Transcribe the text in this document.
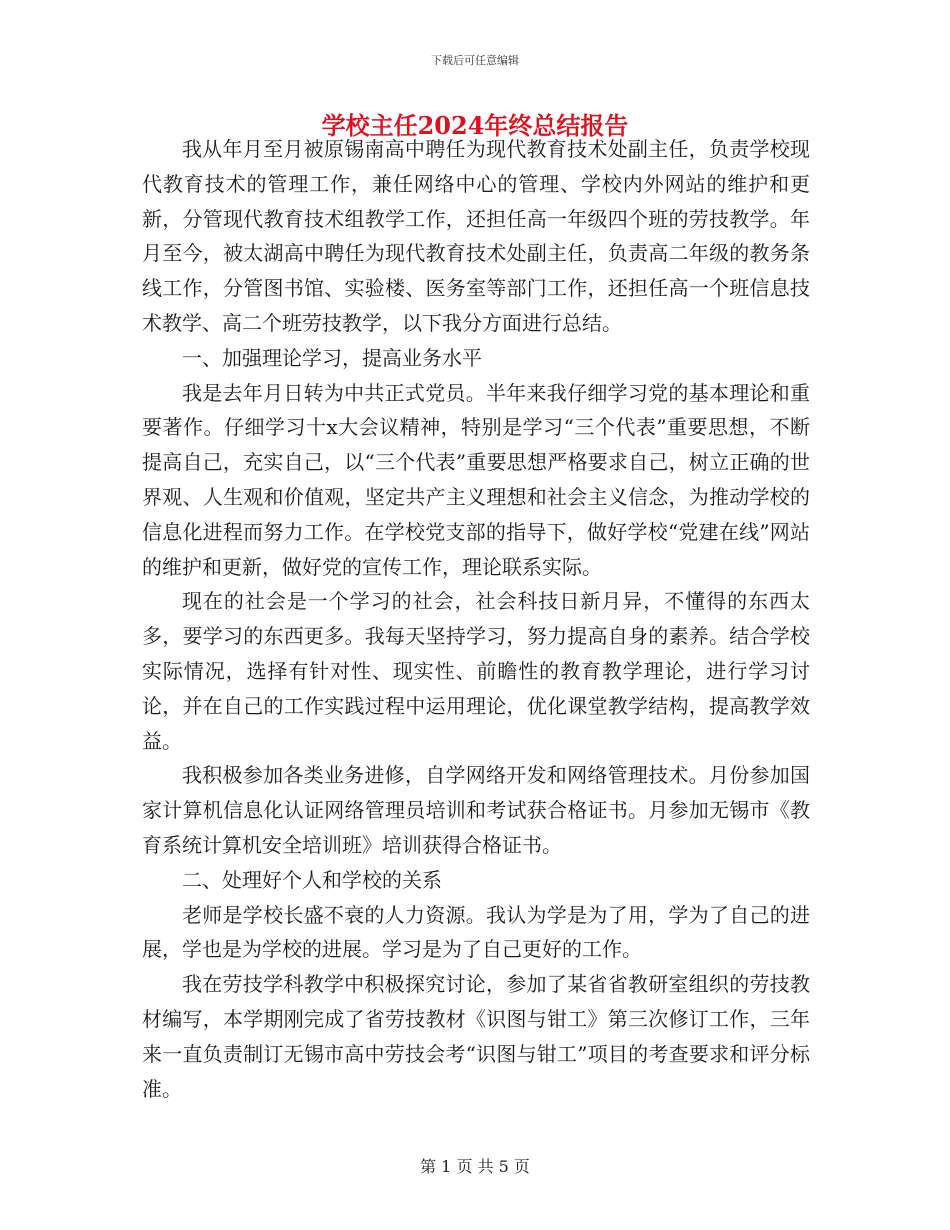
下载后可任意编辑
学校主任2024年终总结报告

我从年月至月被原锡南高中聘任为现代教育技术处副主任，负责学校现代教育技术的管理工作，兼任网络中心的管理、学校内外网站的维护和更新，分管现代教育技术组教学工作，还担任高一年级四个班的劳技教学。年月至今，被太湖高中聘任为现代教育技术处副主任，负责高二年级的教务条线工作，分管图书馆、实验楼、医务室等部门工作，还担任高一个班信息技术教学、高二个班劳技教学，以下我分方面进行总结。

一、加强理论学习，提高业务水平

我是去年月日转为中共正式党员。半年来我仔细学习党的基本理论和重要著作。仔细学习十x大会议精神，特别是学习“三个代表”重要思想，不断提高自己，充实自己，以“三个代表”重要思想严格要求自己，树立正确的世界观、人生观和价值观，坚定共产主义理想和社会主义信念，为推动学校的信息化进程而努力工作。在学校党支部的指导下，做好学校“党建在线”网站的维护和更新，做好党的宣传工作，理论联系实际。

现在的社会是一个学习的社会，社会科技日新月异，不懂得的东西太多，要学习的东西更多。我每天坚持学习，努力提高自身的素养。结合学校实际情况，选择有针对性、现实性、前瞻性的教育教学理论，进行学习讨论，并在自己的工作实践过程中运用理论，优化课堂教学结构，提高教学效益。

我积极参加各类业务进修，自学网络开发和网络管理技术。月份参加国家计算机信息化认证网络管理员培训和考试获合格证书。月参加无锡市《教育系统计算机安全培训班》培训获得合格证书。

二、处理好个人和学校的关系

老师是学校长盛不衰的人力资源。我认为学是为了用，学为了自己的进展，学也是为学校的进展。学习是为了自己更好的工作。

我在劳技学科教学中积极探究讨论，参加了某省省教研室组织的劳技教材编写，本学期刚完成了省劳技教材《识图与钳工》第三次修订工作，三年来一直负责制订无锡市高中劳技会考“识图与钳工”项目的考查要求和评分标准。

第 1 页 共 5 页
